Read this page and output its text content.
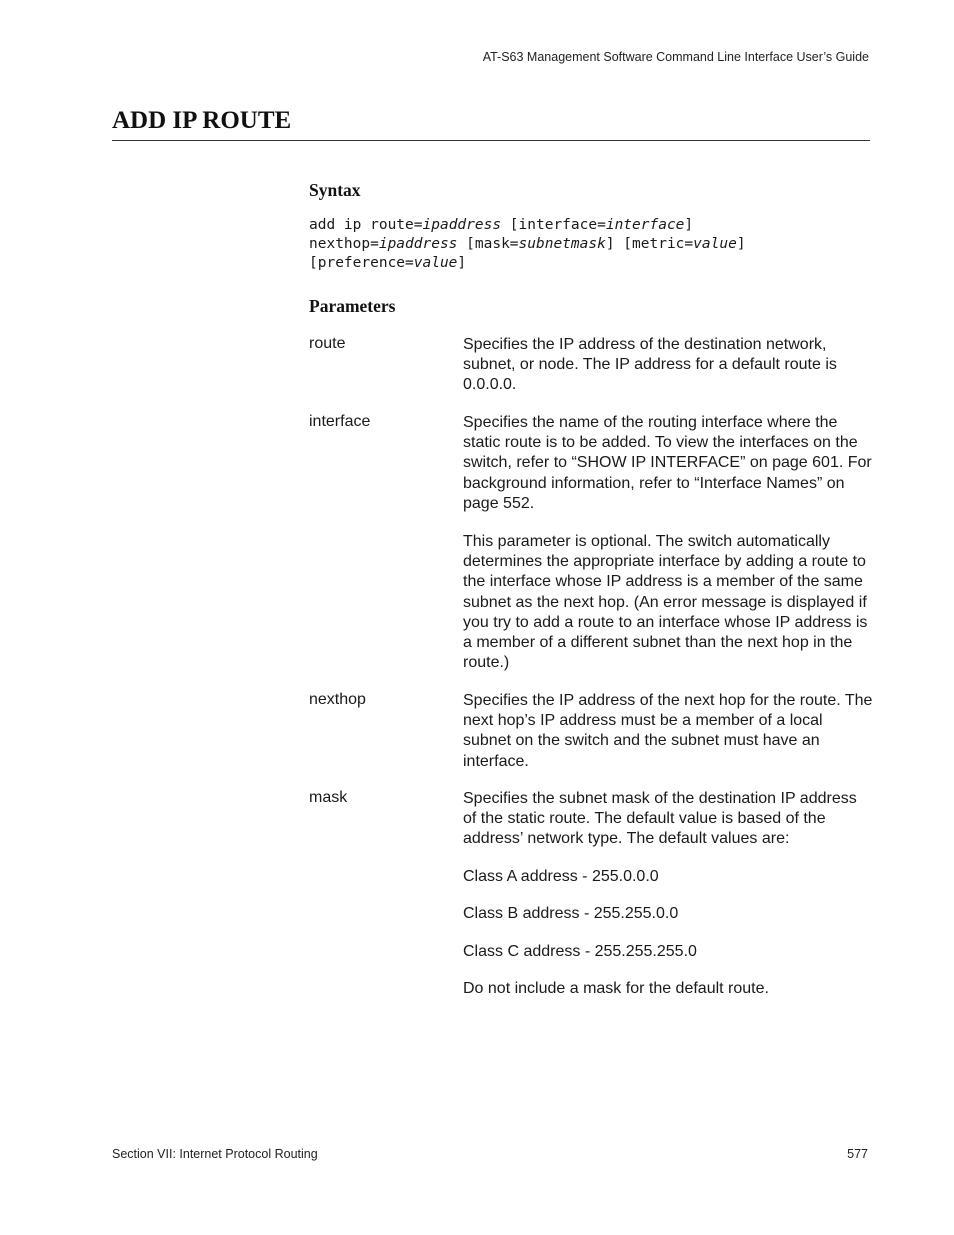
AT-S63 Management Software Command Line Interface User’s Guide
ADD IP ROUTE
Syntax
add ip route=ipaddress [interface=interface]
nexthop=ipaddress [mask=subnetmask] [metric=value]
[preference=value]
Parameters
route	Specifies the IP address of the destination network, subnet, or node. The IP address for a default route is 0.0.0.0.

interface	Specifies the name of the routing interface where the static route is to be added. To view the interfaces on the switch, refer to “SHOW IP INTERFACE” on page 601. For background information, refer to “Interface Names” on page 552.

This parameter is optional. The switch automatically determines the appropriate interface by adding a route to the interface whose IP address is a member of the same subnet as the next hop. (An error message is displayed if you try to add a route to an interface whose IP address is a member of a different subnet than the next hop in the route.)

nexthop	Specifies the IP address of the next hop for the route. The next hop’s IP address must be a member of a local subnet on the switch and the subnet must have an interface.

mask	Specifies the subnet mask of the destination IP address of the static route. The default value is based of the address’ network type. The default values are:

Class A address - 255.0.0.0

Class B address - 255.255.0.0

Class C address - 255.255.255.0

Do not include a mask for the default route.

Section VII: Internet Protocol Routing	577
